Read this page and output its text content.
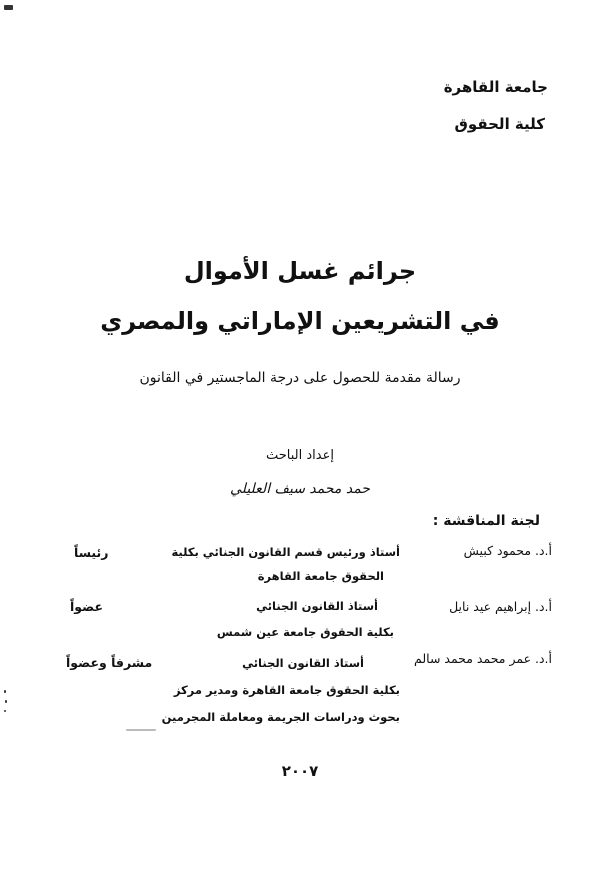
جامعة القاهرة
كلية الحقوق
جرائم غسل الأموال
في التشريعين الإماراتي والمصري
رسالة مقدمة للحصول على درجة الماجستير في القانون
إعداد الباحث
حمد محمد سيف العليلي
لجنة المناقشة :
أ.د. محمود كبيش
أستاذ ورئيس قسم القانون الجنائي بكلية
الحقوق جامعة القاهرة
رئيساً
أ.د. إبراهيم عيد نايل
أستاذ القانون الجنائي
بكلية الحقوق جامعة عين شمس
عضواً
أ.د. عمر محمد محمد سالم
أستاذ القانون الجنائي
بكلية الحقوق جامعة القاهرة ومدير مركز
بحوث ودراسات الجريمة ومعاملة المجرمين
مشرفاً وعضواً
٢٠٠٧
